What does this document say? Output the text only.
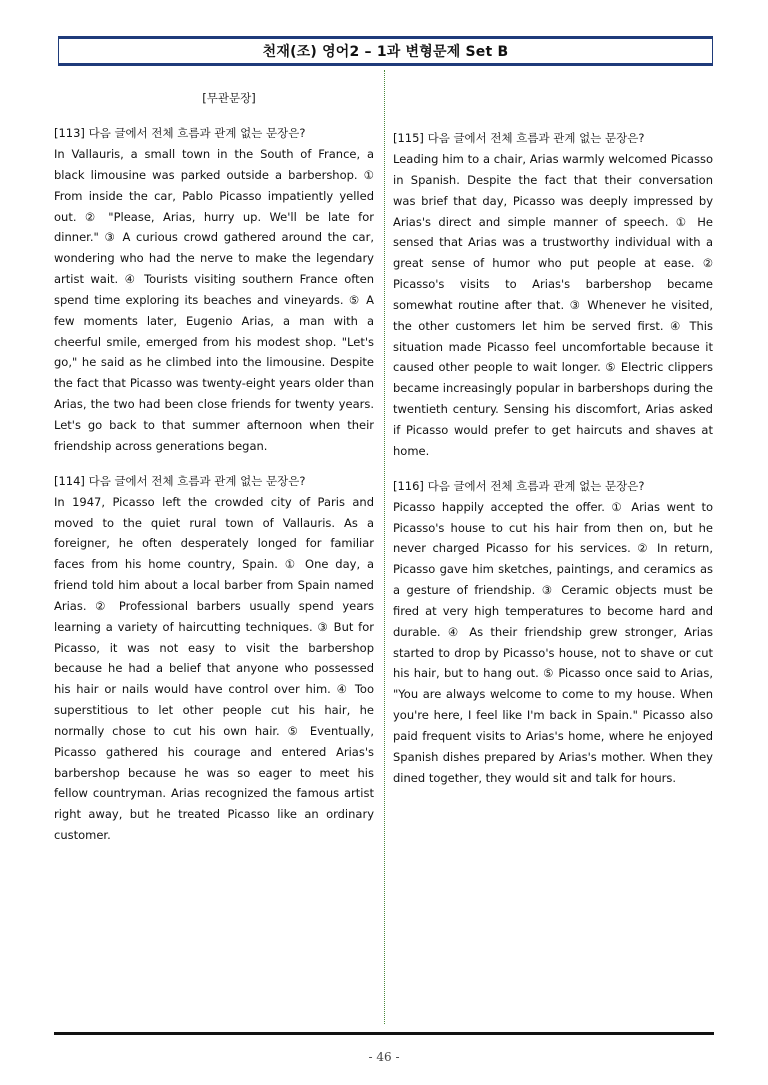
천재(조) 영어2 – 1과 변형문제 Set B
[무관문장]
[113] 다음 글에서 전체 흐름과 관계 없는 문장은?

In Vallauris, a small town in the South of France, a black limousine was parked outside a barbershop. ① From inside the car, Pablo Picasso impatiently yelled out. ② "Please, Arias, hurry up. We'll be late for dinner." ③ A curious crowd gathered around the car, wondering who had the nerve to make the legendary artist wait. ④ Tourists visiting southern France often spend time exploring its beaches and vineyards. ⑤ A few moments later, Eugenio Arias, a man with a cheerful smile, emerged from his modest shop. "Let's go," he said as he climbed into the limousine. Despite the fact that Picasso was twenty-eight years older than Arias, the two had been close friends for twenty years. Let's go back to that summer afternoon when their friendship across generations began.

[114] 다음 글에서 전체 흐름과 관계 없는 문장은?

In 1947, Picasso left the crowded city of Paris and moved to the quiet rural town of Vallauris. As a foreigner, he often desperately longed for familiar faces from his home country, Spain. ① One day, a friend told him about a local barber from Spain named Arias. ② Professional barbers usually spend years learning a variety of haircutting techniques. ③ But for Picasso, it was not easy to visit the barbershop because he had a belief that anyone who possessed his hair or nails would have control over him. ④ Too superstitious to let other people cut his hair, he normally chose to cut his own hair. ⑤ Eventually, Picasso gathered his courage and entered Arias's barbershop because he was so eager to meet his fellow countryman. Arias recognized the famous artist right away, but he treated Picasso like an ordinary customer.

[115] 다음 글에서 전체 흐름과 관계 없는 문장은?

Leading him to a chair, Arias warmly welcomed Picasso in Spanish. Despite the fact that their conversation was brief that day, Picasso was deeply impressed by Arias's direct and simple manner of speech. ① He sensed that Arias was a trustworthy individual with a great sense of humor who put people at ease. ② Picasso's visits to Arias's barbershop became somewhat routine after that. ③ Whenever he visited, the other customers let him be served first. ④ This situation made Picasso feel uncomfortable because it caused other people to wait longer. ⑤ Electric clippers became increasingly popular in barbershops during the twentieth century. Sensing his discomfort, Arias asked if Picasso would prefer to get haircuts and shaves at home.

[116] 다음 글에서 전체 흐름과 관계 없는 문장은?

Picasso happily accepted the offer. ① Arias went to Picasso's house to cut his hair from then on, but he never charged Picasso for his services. ② In return, Picasso gave him sketches, paintings, and ceramics as a gesture of friendship. ③ Ceramic objects must be fired at very high temperatures to become hard and durable. ④ As their friendship grew stronger, Arias started to drop by Picasso's house, not to shave or cut his hair, but to hang out. ⑤ Picasso once said to Arias, "You are always welcome to come to my house. When you're here, I feel like I'm back in Spain." Picasso also paid frequent visits to Arias's home, where he enjoyed Spanish dishes prepared by Arias's mother. When they dined together, they would sit and talk for hours.

- 46 -
